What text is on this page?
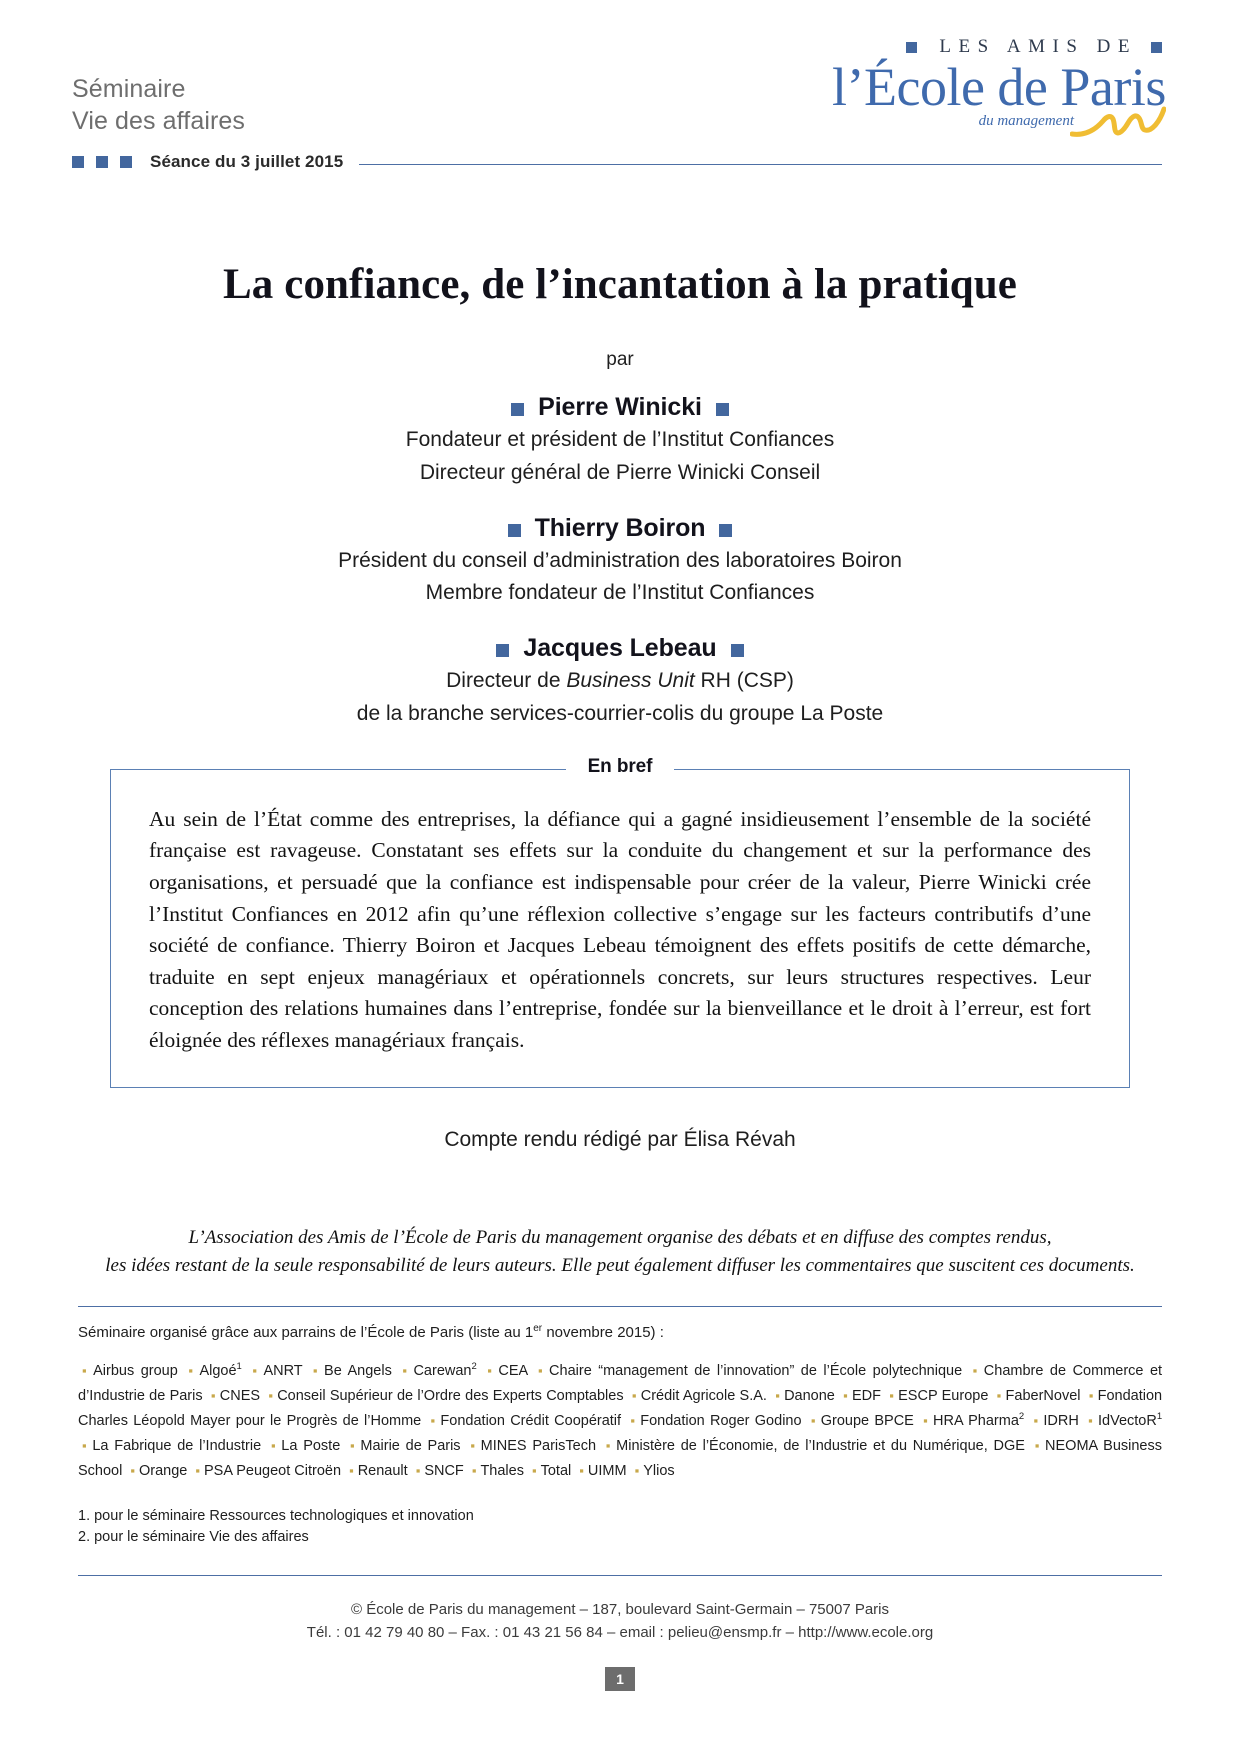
Séminaire
Vie des affaires
Séance du 3 juillet 2015
LES AMIS DE
l’École de Paris
du management
La confiance, de l’incantation à la pratique
par
Pierre Winicki
Fondateur et président de l’Institut Confiances
Directeur général de Pierre Winicki Conseil
Thierry Boiron
Président du conseil d’administration des laboratoires Boiron
Membre fondateur de l’Institut Confiances
Jacques Lebeau
Directeur de Business Unit RH (CSP)
de la branche services-courrier-colis du groupe La Poste
En bref

Au sein de l’État comme des entreprises, la défiance qui a gagné insidieusement l’ensemble de la société française est ravageuse. Constatant ses effets sur la conduite du changement et sur la performance des organisations, et persuadé que la confiance est indispensable pour créer de la valeur, Pierre Winicki crée l’Institut Confiances en 2012 afin qu’une réflexion collective s’engage sur les facteurs contributifs d’une société de confiance. Thierry Boiron et Jacques Lebeau témoignent des effets positifs de cette démarche, traduite en sept enjeux managériaux et opérationnels concrets, sur leurs structures respectives. Leur conception des relations humaines dans l’entreprise, fondée sur la bienveillance et le droit à l’erreur, est fort éloignée des réflexes managériaux français.

Compte rendu rédigé par Élisa Révah
L’Association des Amis de l’École de Paris du management organise des débats et en diffuse des comptes rendus,
les idées restant de la seule responsabilité de leurs auteurs. Elle peut également diffuser les commentaires que suscitent ces documents.
Séminaire organisé grâce aux parrains de l’École de Paris (liste au 1er novembre 2015) :
▪ Airbus group ▪ Algoé$^1$ ▪ ANRT ▪ Be Angels ▪ Carewan$^2$ ▪ CEA ▪ Chaire “management de l’innovation” de l’École polytechnique ▪ Chambre de Commerce et d’Industrie de Paris ▪ CNES ▪ Conseil Supérieur de l’Ordre des Experts Comptables ▪ Crédit Agricole S.A. ▪ Danone ▪ EDF ▪ ESCP Europe ▪ FaberNovel ▪ Fondation Charles Léopold Mayer pour le Progrès de l’Homme ▪ Fondation Crédit Coopératif ▪ Fondation Roger Godino ▪ Groupe BPCE ▪ HRA Pharma$^2$ ▪ IDRH ▪ IdVectoR$^1$ ▪ La Fabrique de l’Industrie ▪ La Poste ▪ Mairie de Paris ▪ MINES ParisTech ▪ Ministère de l’Économie, de l’Industrie et du Numérique, DGE ▪ NEOMA Business School ▪ Orange ▪ PSA Peugeot Citroën ▪ Renault ▪ SNCF ▪ Thales ▪ Total ▪ UIMM ▪ Ylios
1. pour le séminaire Ressources technologiques et innovation
2. pour le séminaire Vie des affaires
© École de Paris du management – 187, boulevard Saint-Germain – 75007 Paris
Tél. : 01 42 79 40 80 – Fax. : 01 43 21 56 84 – email : pelieu@ensmp.fr – http://www.ecole.org
1
